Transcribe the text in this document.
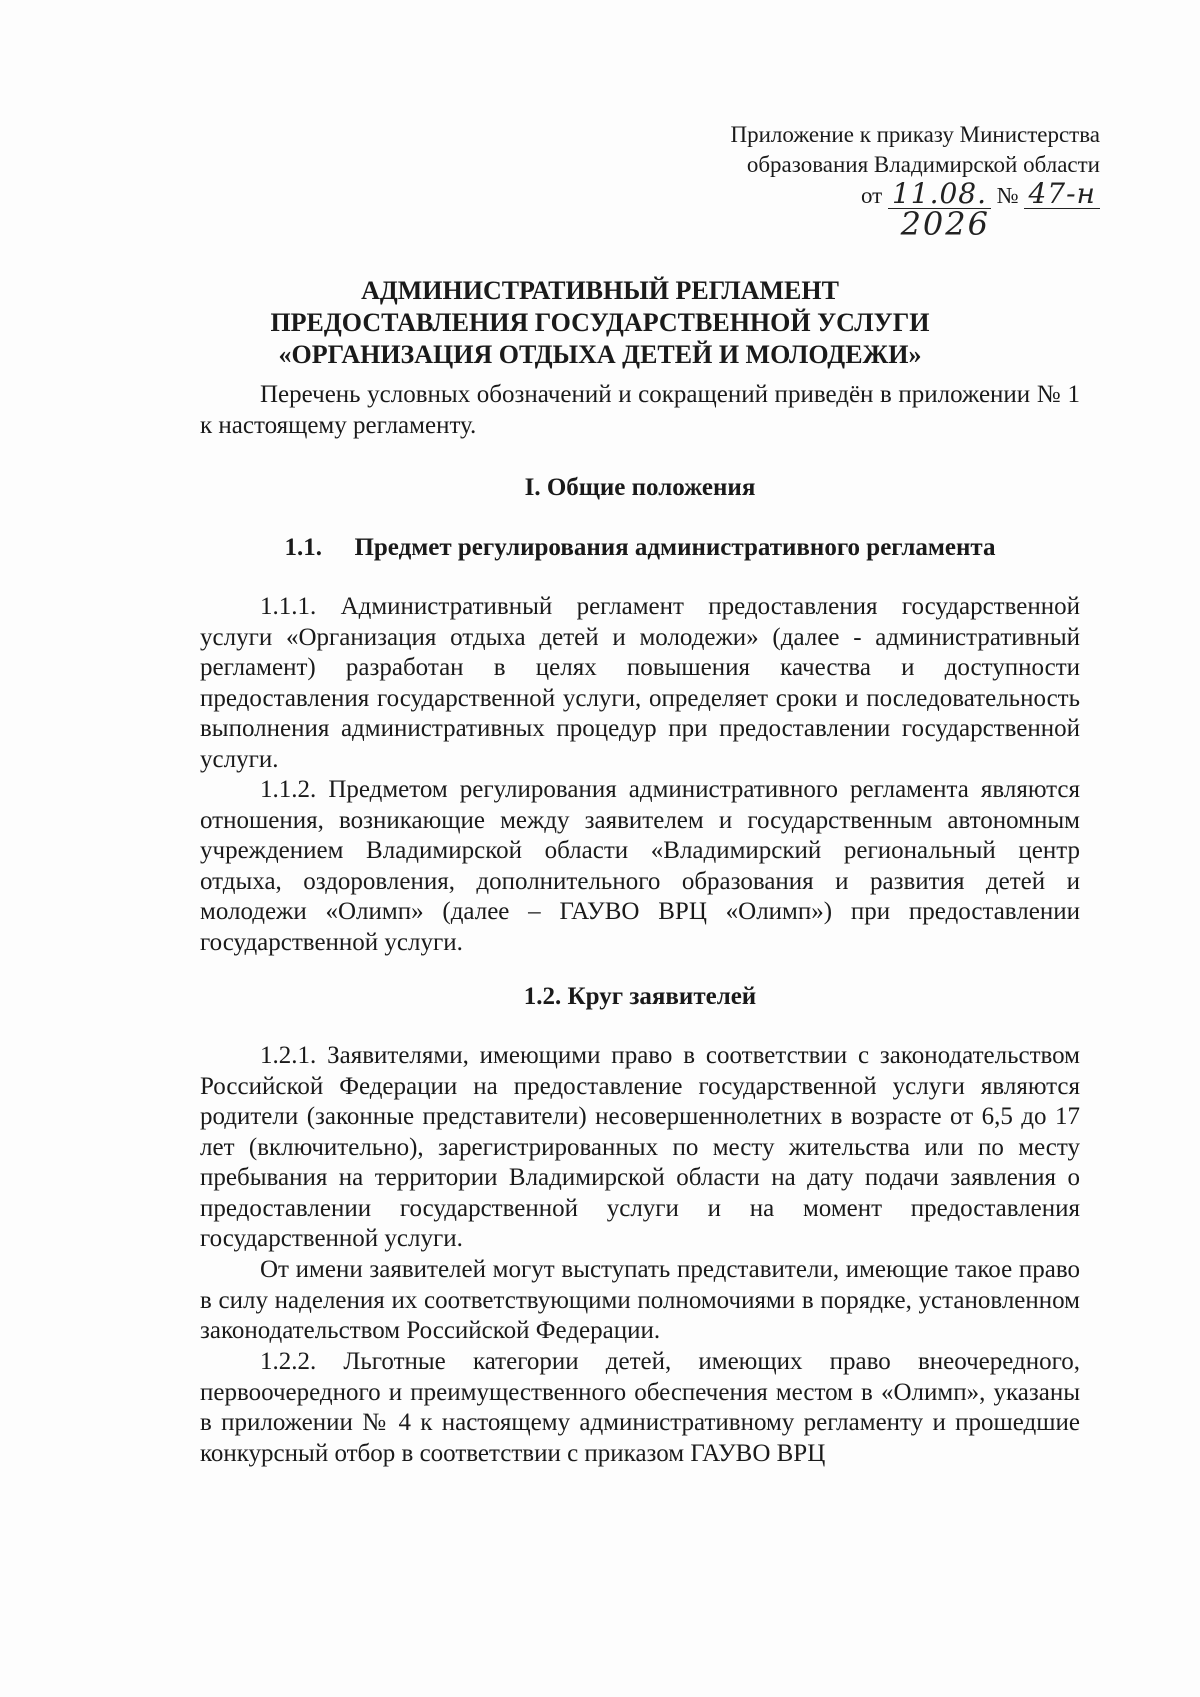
Приложение к приказу Министерства
образования Владимирской области
от 11.08. № 47-н
2026
АДМИНИСТРАТИВНЫЙ РЕГЛАМЕНТ
ПРЕДОСТАВЛЕНИЯ ГОСУДАРСТВЕННОЙ УСЛУГИ
«ОРГАНИЗАЦИЯ ОТДЫХА ДЕТЕЙ И МОЛОДЕЖИ»

Перечень условных обозначений и сокращений приведён в приложении № 1 к настоящему регламенту.

I. Общие положения
1.1. Предмет регулирования административного регламента

1.1.1. Административный регламент предоставления государственной услуги «Организация отдыха детей и молодежи» (далее - административный регламент) разработан в целях повышения качества и доступности предоставления государственной услуги, определяет сроки и последовательность выполнения административных процедур при предоставлении государственной услуги.

1.1.2. Предметом регулирования административного регламента являются отношения, возникающие между заявителем и государственным автономным учреждением Владимирской области «Владимирский региональный центр отдыха, оздоровления, дополнительного образования и развития детей и молодежи «Олимп» (далее – ГАУВО ВРЦ «Олимп») при предоставлении государственной услуги.

1.2. Круг заявителей

1.2.1. Заявителями, имеющими право в соответствии с законодательством Российской Федерации на предоставление государственной услуги являются родители (законные представители) несовершеннолетних в возрасте от 6,5 до 17 лет (включительно), зарегистрированных по месту жительства или по месту пребывания на территории Владимирской области на дату подачи заявления о предоставлении государственной услуги и на момент предоставления государственной услуги.

От имени заявителей могут выступать представители, имеющие такое право в силу наделения их соответствующими полномочиями в порядке, установленном законодательством Российской Федерации.

1.2.2. Льготные категории детей, имеющих право внеочередного, первоочередного и преимущественного обеспечения местом в «Олимп», указаны в приложении № 4 к настоящему административному регламенту и прошедшие конкурсный отбор в соответствии с приказом ГАУВО ВРЦ
